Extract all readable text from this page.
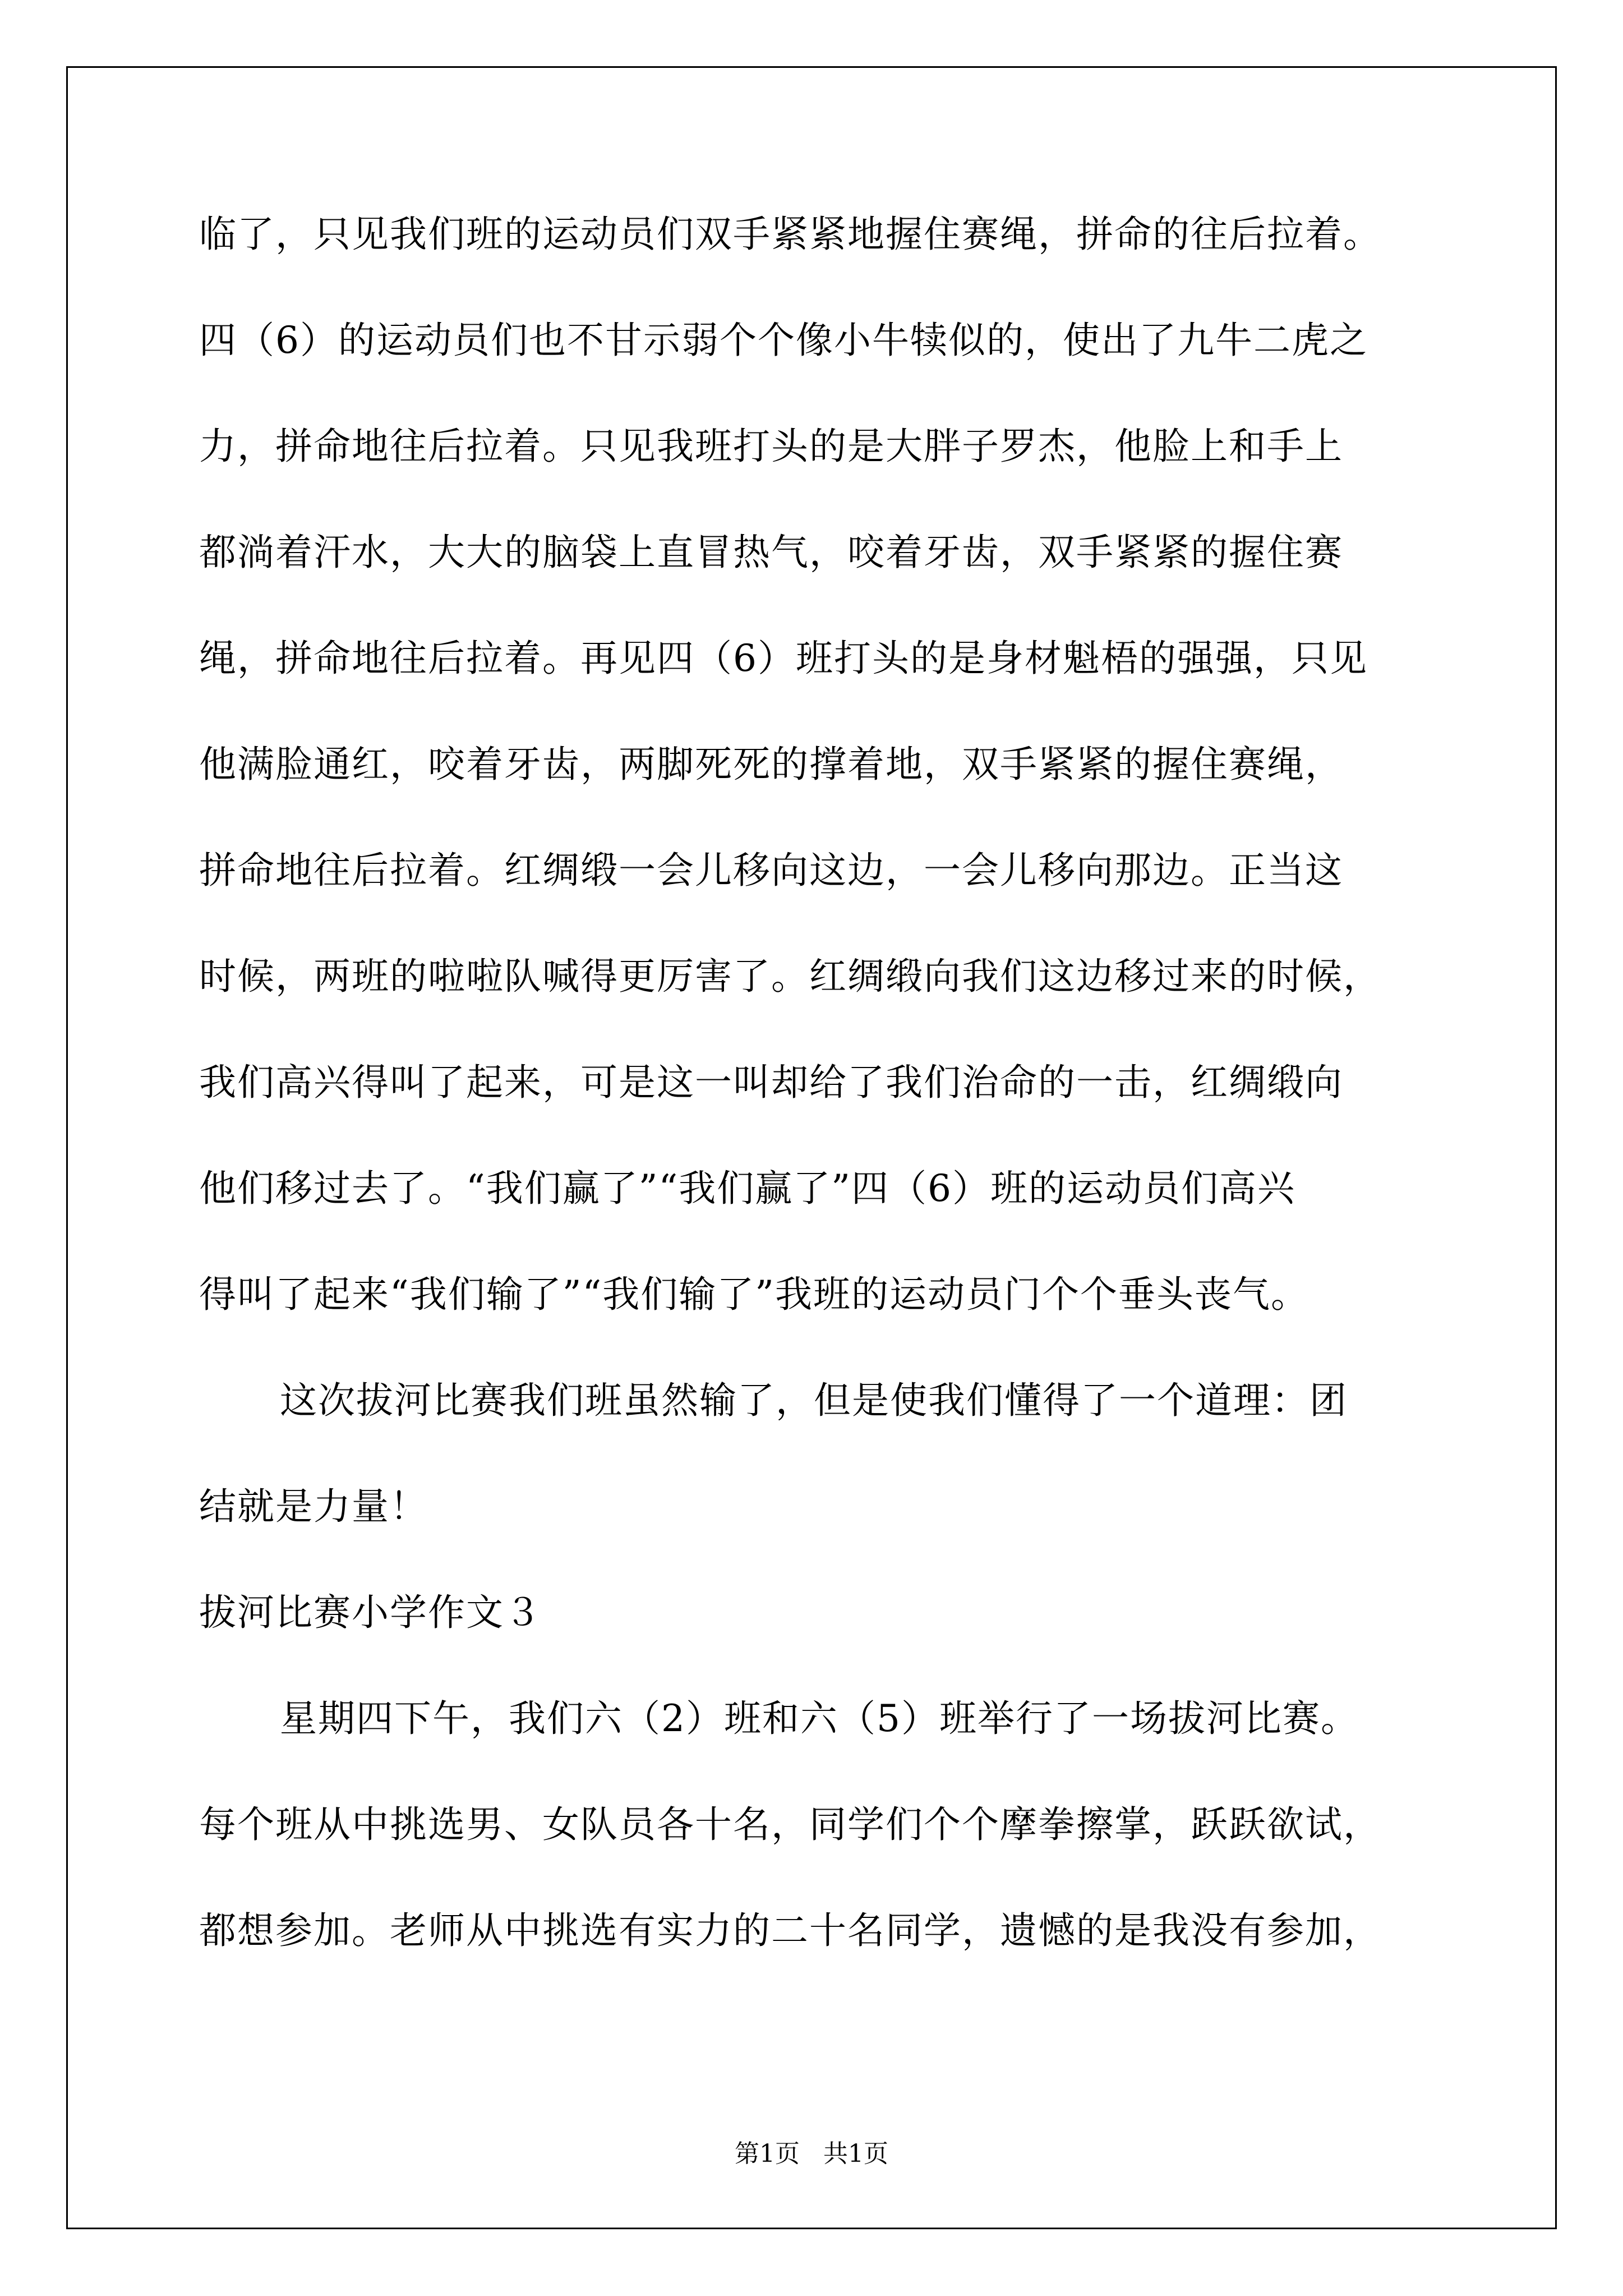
临了，只见我们班的运动员们双手紧紧地握住赛绳，拼命的往后拉着。
四（6）的运动员们也不甘示弱个个像小牛犊似的，使出了九牛二虎之
力，拼命地往后拉着。只见我班打头的是大胖子罗杰，他脸上和手上
都淌着汗水，大大的脑袋上直冒热气，咬着牙齿，双手紧紧的握住赛
绳，拼命地往后拉着。再见四（6）班打头的是身材魁梧的强强，只见
他满脸通红，咬着牙齿，两脚死死的撑着地，双手紧紧的握住赛绳，
拼命地往后拉着。红绸缎一会儿移向这边，一会儿移向那边。正当这
时候，两班的啦啦队喊得更厉害了。红绸缎向我们这边移过来的时候，
我们高兴得叫了起来，可是这一叫却给了我们治命的一击，红绸缎向
他们移过去了。“我们赢了”“我们赢了”四（6）班的运动员们高兴
得叫了起来“我们输了”“我们输了”我班的运动员门个个垂头丧气。
这次拔河比赛我们班虽然输了，但是使我们懂得了一个道理：团
结就是力量！
拔河比赛小学作文３
星期四下午，我们六（2）班和六（5）班举行了一场拔河比赛。
每个班从中挑选男、女队员各十名，同学们个个摩拳擦掌，跃跃欲试，
都想参加。老师从中挑选有实力的二十名同学，遗憾的是我没有参加，
第1页   共1页
